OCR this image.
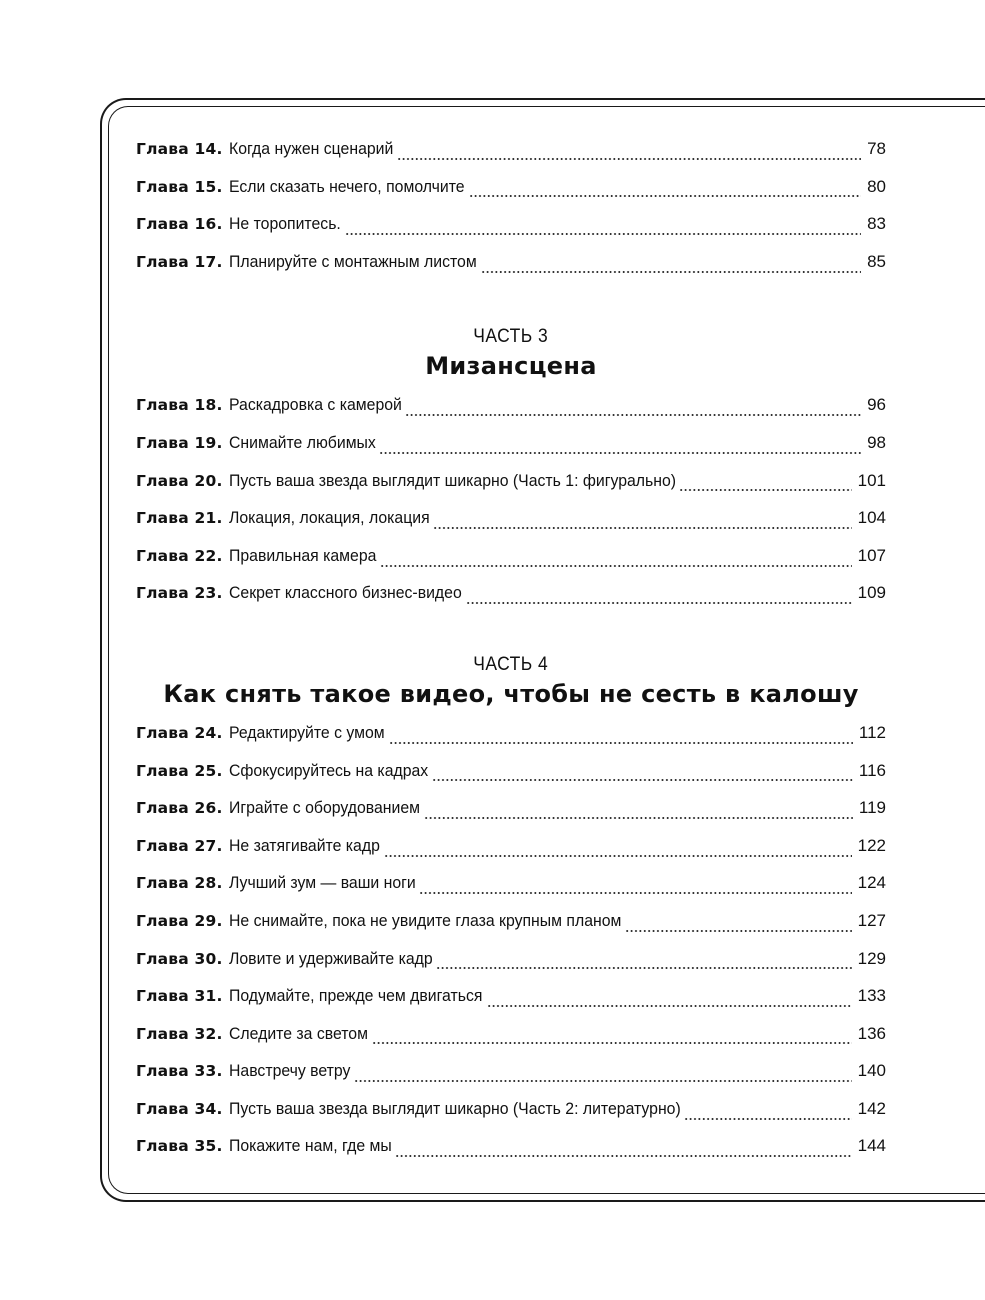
Глава 14. Когда нужен сценарий	78
Глава 15. Если сказать нечего, помолчите	80
Глава 16. Не торопитесь.	83
Глава 17. Планируйте с монтажным листом	85
ЧАСТЬ 3
Мизансцена
Глава 18. Раскадровка с камерой	96
Глава 19. Снимайте любимых	98
Глава 20. Пусть ваша звезда выглядит шикарно (Часть 1: фигурально)	101
Глава 21. Локация, локация, локация	104
Глава 22. Правильная камера	107
Глава 23. Секрет классного бизнес-видео	109
ЧАСТЬ 4
Как снять такое видео, чтобы не сесть в калошу
Глава 24. Редактируйте с умом	112
Глава 25. Сфокусируйтесь на кадрах	116
Глава 26. Играйте с оборудованием	119
Глава 27. Не затягивайте кадр	122
Глава 28. Лучший зум — ваши ноги	124
Глава 29. Не снимайте, пока не увидите глаза крупным планом	127
Глава 30. Ловите и удерживайте кадр	129
Глава 31. Подумайте, прежде чем двигаться	133
Глава 32. Следите за светом	136
Глава 33. Навстречу ветру	140
Глава 34. Пусть ваша звезда выглядит шикарно (Часть 2: литературно)	142
Глава 35. Покажите нам, где мы	144
